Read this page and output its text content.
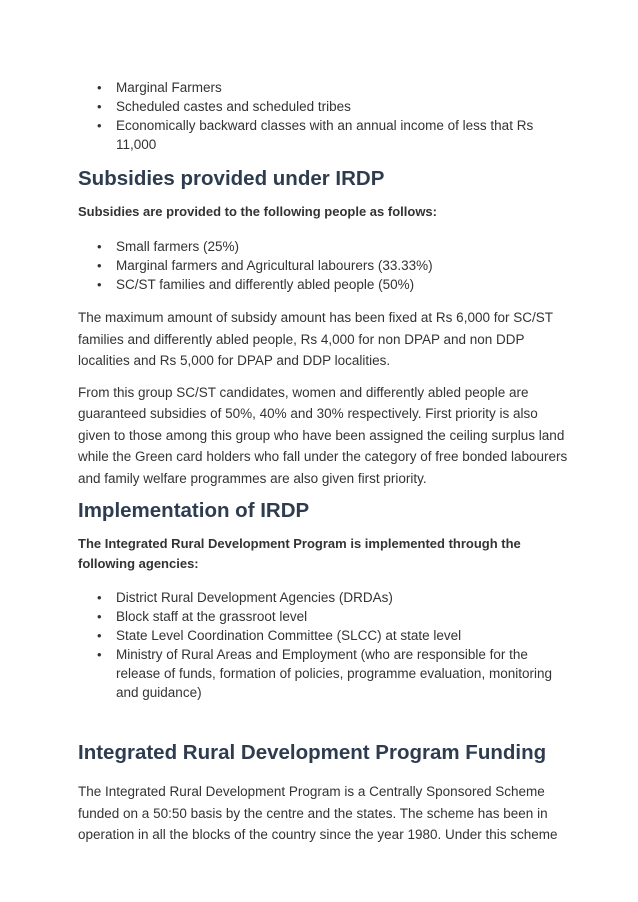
• Marginal Farmers
• Scheduled castes and scheduled tribes
• Economically backward classes with an annual income of less that Rs 11,000
Subsidies provided under IRDP

Subsidies are provided to the following people as follows:

• Small farmers (25%)
• Marginal farmers and Agricultural labourers (33.33%)
• SC/ST families and differently abled people (50%)

The maximum amount of subsidy amount has been fixed at Rs 6,000 for SC/ST families and differently abled people, Rs 4,000 for non DPAP and non DDP localities and Rs 5,000 for DPAP and DDP localities.

From this group SC/ST candidates, women and differently abled people are guaranteed subsidies of 50%, 40% and 30% respectively. First priority is also given to those among this group who have been assigned the ceiling surplus land while the Green card holders who fall under the category of free bonded labourers and family welfare programmes are also given first priority.

Implementation of IRDP

The Integrated Rural Development Program is implemented through the following agencies:

• District Rural Development Agencies (DRDAs)
• Block staff at the grassroot level
• State Level Coordination Committee (SLCC) at state level
• Ministry of Rural Areas and Employment (who are responsible for the release of funds, formation of policies, programme evaluation, monitoring and guidance)
Integrated Rural Development Program Funding

The Integrated Rural Development Program is a Centrally Sponsored Scheme funded on a 50:50 basis by the centre and the states. The scheme has been in operation in all the blocks of the country since the year 1980. Under this scheme
